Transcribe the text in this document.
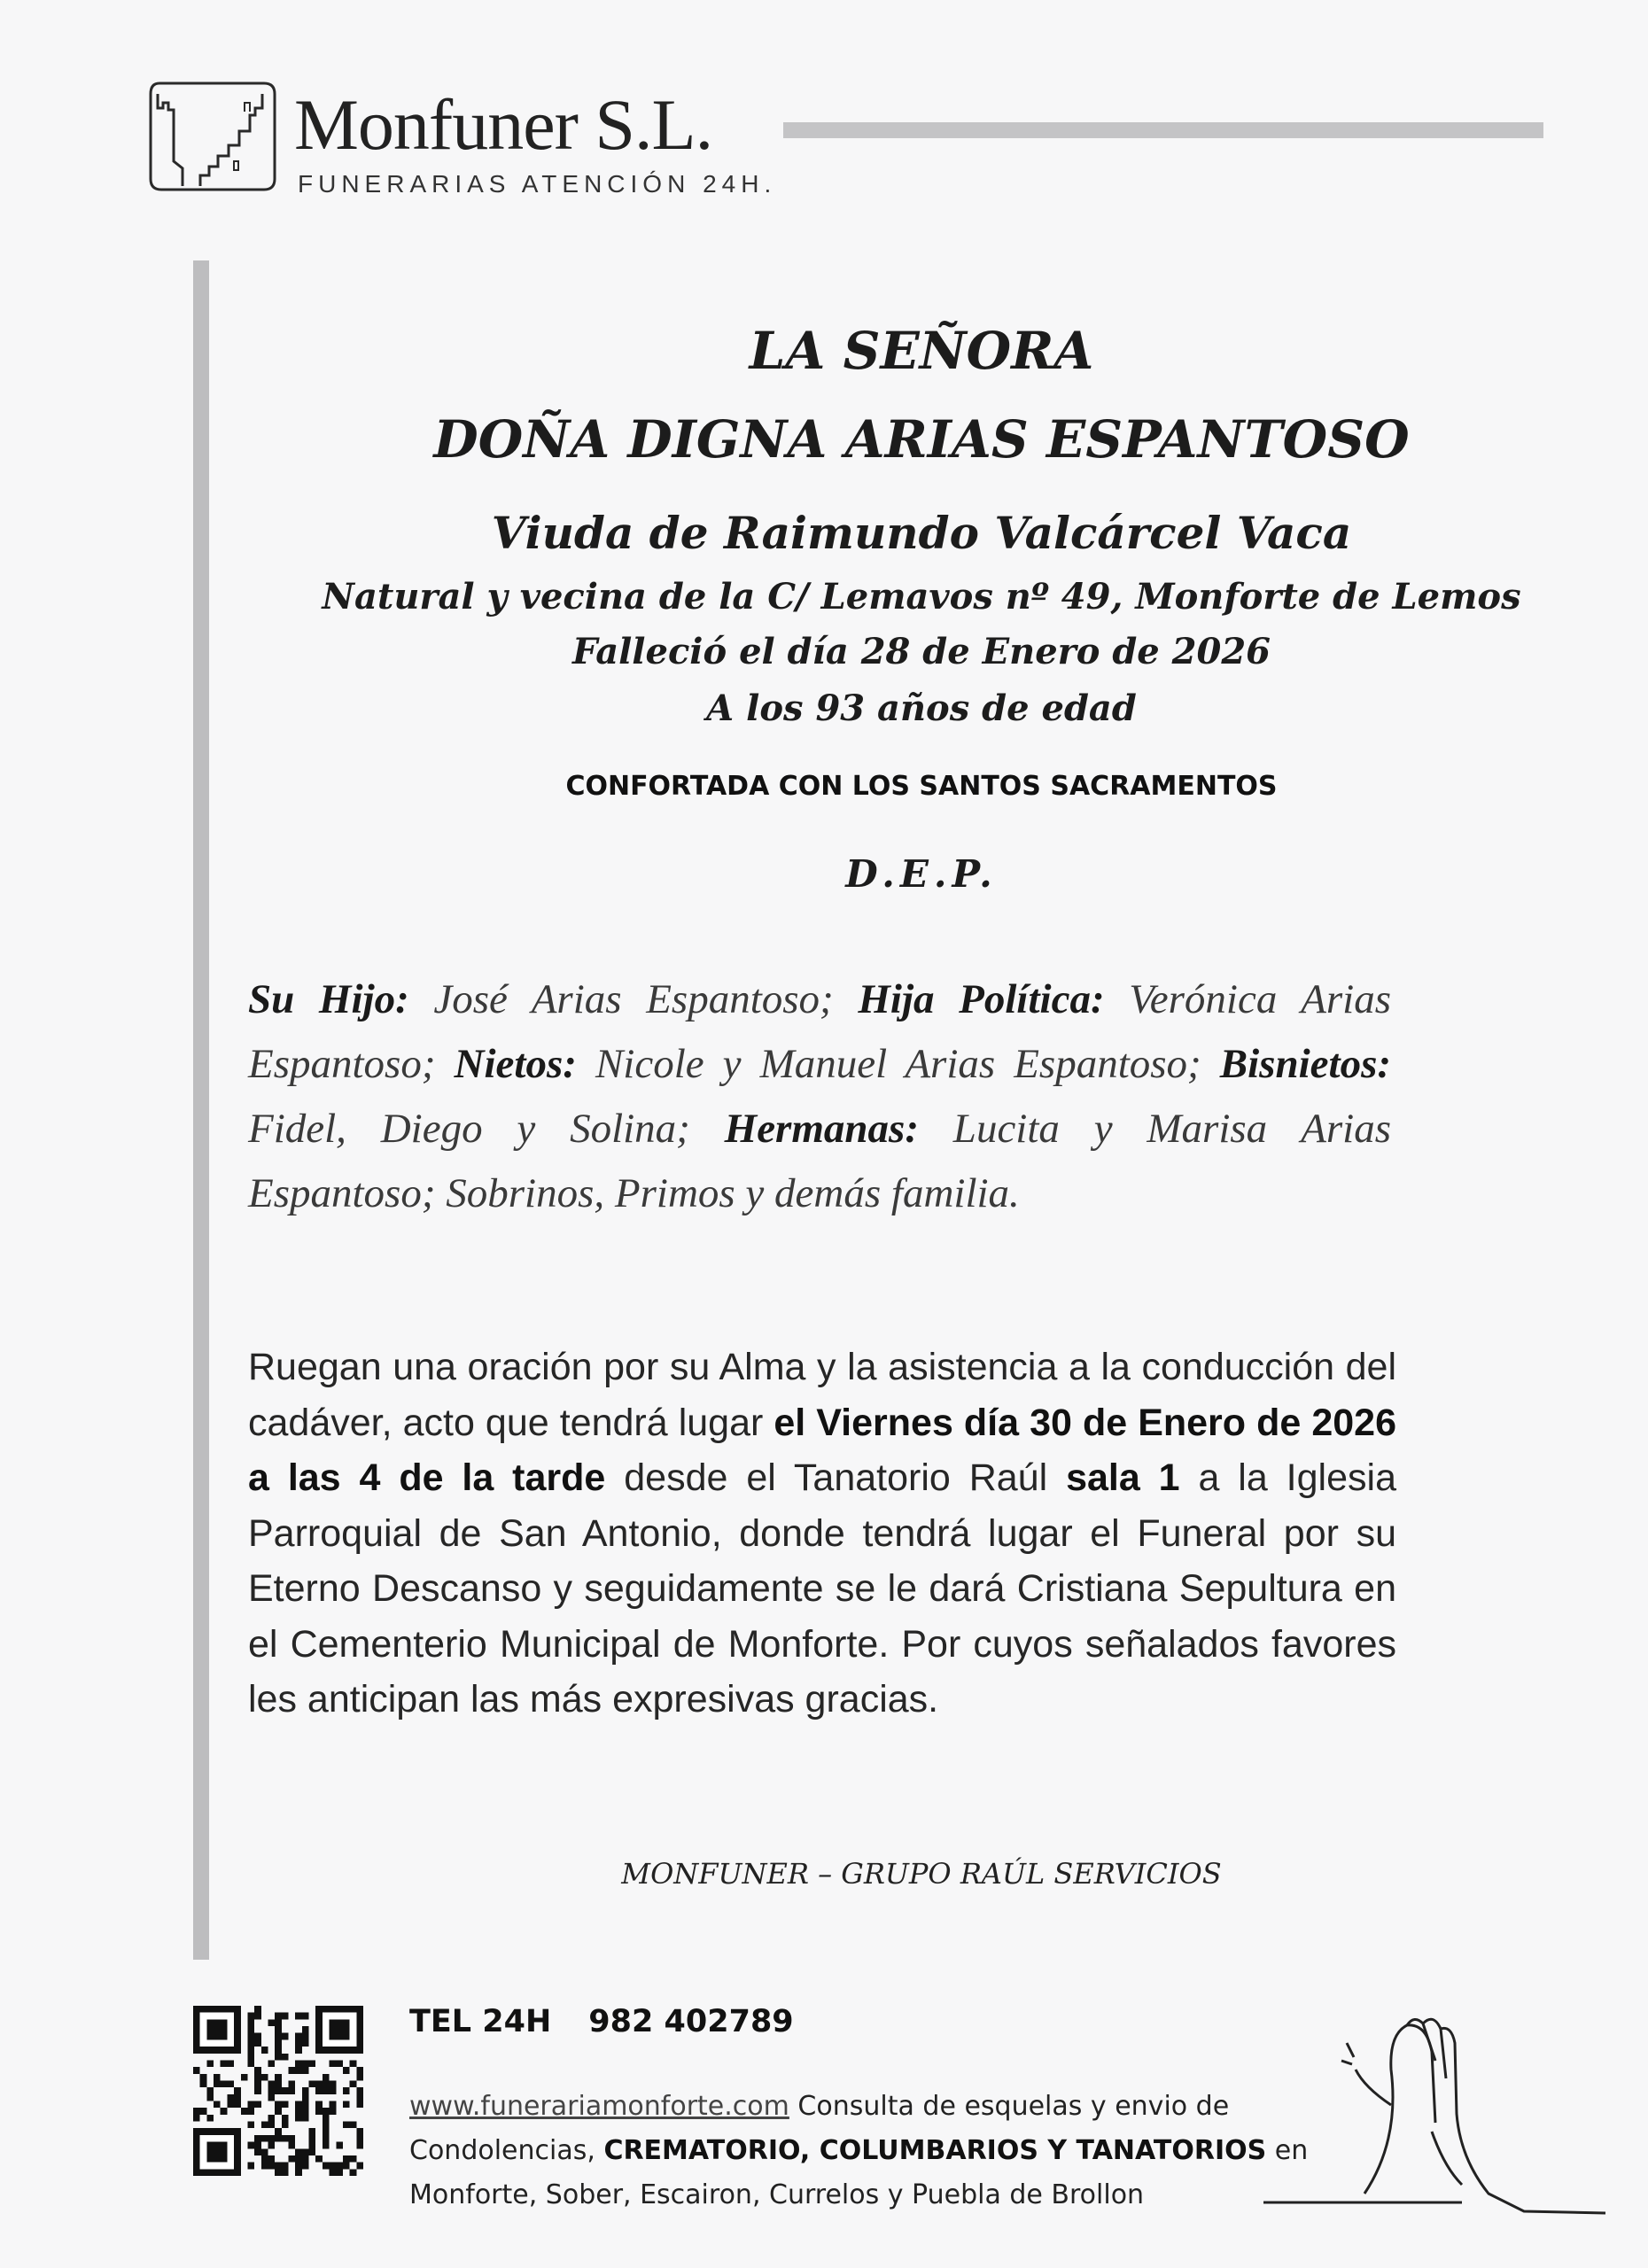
Monfuner S.L.
FUNERARIAS ATENCIÓN 24H.
LA SEÑORA
DOÑA DIGNA ARIAS ESPANTOSO
Viuda de Raimundo Valcárcel Vaca
Natural y vecina de la C/ Lemavos nº 49, Monforte de Lemos
Falleció el día 28 de Enero de 2026
A los 93 años de edad
CONFORTADA CON LOS SANTOS SACRAMENTOS
D.E.P.
Su Hijo: José Arias Espantoso; Hija Política: Verónica Arias Espantoso; Nietos: Nicole y Manuel Arias Espantoso; Bisnietos: Fidel, Diego y Solina; Hermanas: Lucita y Marisa Arias Espantoso; Sobrinos, Primos y demás familia.
Ruegan una oración por su Alma y la asistencia a la conducción del cadáver, acto que tendrá lugar el Viernes día 30 de Enero de 2026 a las 4 de la tarde desde el Tanatorio Raúl sala 1 a la Iglesia Parroquial de San Antonio, donde tendrá lugar el Funeral por su Eterno Descanso y seguidamente se le dará Cristiana Sepultura en el Cementerio Municipal de Monforte. Por cuyos señalados favores les anticipan las más expresivas gracias.
MONFUNER – GRUPO RAÚL SERVICIOS
TEL 24H 982 402789
www.funerariamonforte.com Consulta de esquelas y envio de Condolencias, CREMATORIO, COLUMBARIOS Y TANATORIOS en Monforte, Sober, Escairon, Currelos y Puebla de Brollon
